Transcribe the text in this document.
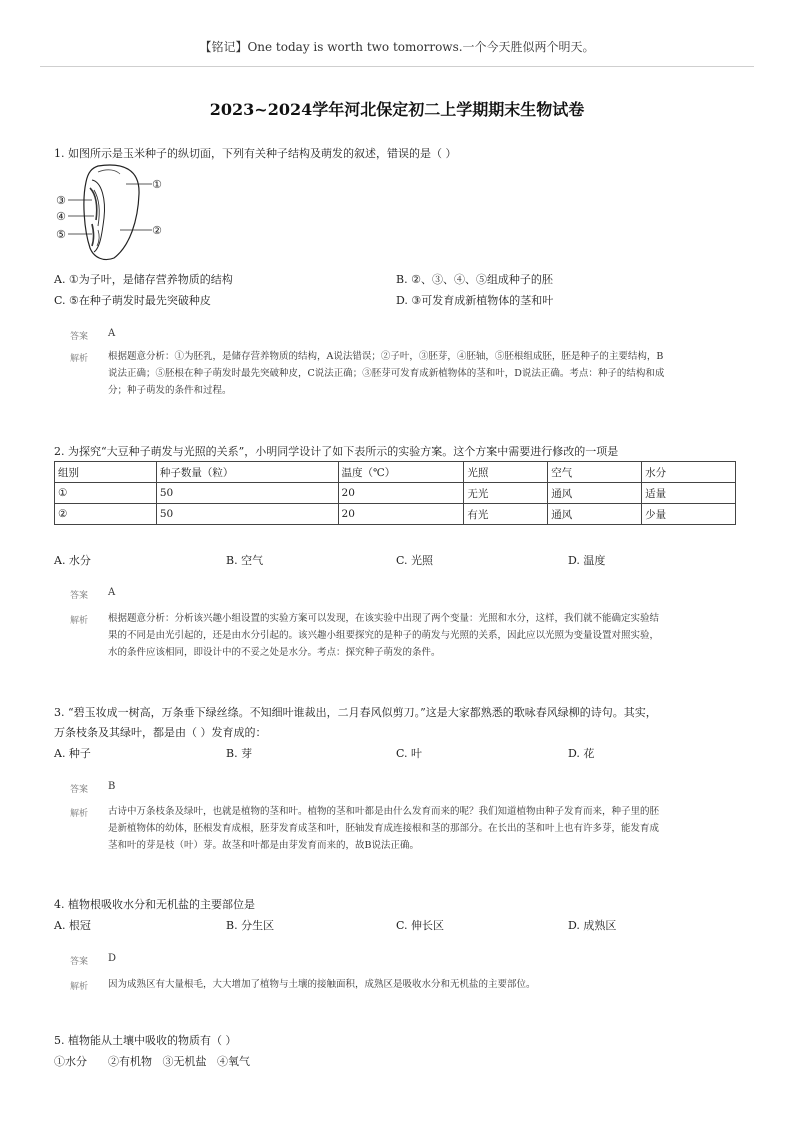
【铭记】One today is worth two tomorrows.一个今天胜似两个明天。
2023~2024学年河北保定初二上学期期末生物试卷
1. 如图所示是玉米种子的纵切面，下列有关种子结构及萌发的叙述，错误的是（ ）
①
②
③
④
⑤
A. ①为子叶，是储存营养物质的结构	B. ②、③、④、⑤组成种子的胚
C. ⑤在种子萌发时最先突破种皮	D. ③可发育成新植物体的茎和叶
答案 A
解析 根据题意分析：①为胚乳，是储存营养物质的结构，A说法错误；②子叶，③胚芽，④胚轴，⑤胚根组成胚，胚是种子的主要结构，B
说法正确；⑤胚根在种子萌发时最先突破种皮，C说法正确；③胚芽可发育成新植物体的茎和叶，D说法正确。考点：种子的结构和成
分；种子萌发的条件和过程。
2. 为探究“大豆种子萌发与光照的关系”，小明同学设计了如下表所示的实验方案。这个方案中需要进行修改的一项是
组别	种子数量（粒）	温度（℃）	光照	空气	水分
①	50	20	无光	通风	适量
②	50	20	有光	通风	少量
A. 水分	B. 空气	C. 光照	D. 温度
答案 A
解析 根据题意分析：分析该兴趣小组设置的实验方案可以发现，在该实验中出现了两个变量：光照和水分，这样，我们就不能确定实验结
果的不同是由光引起的，还是由水分引起的。该兴趣小组要探究的是种子的萌发与光照的关系，因此应以光照为变量设置对照实验，
水的条件应该相同，即设计中的不妥之处是水分。考点：探究种子萌发的条件。
3. “碧玉妆成一树高，万条垂下绿丝绦。不知细叶谁裁出，二月春风似剪刀。”这是大家都熟悉的歌咏春风绿柳的诗句。其实，
万条枝条及其绿叶，都是由（ ）发育成的：
A. 种子	B. 芽	C. 叶	D. 花
答案 B
解析 古诗中万条枝条及绿叶，也就是植物的茎和叶。植物的茎和叶都是由什么发育而来的呢？我们知道植物由种子发育而来，种子里的胚
是新植物体的幼体，胚根发育成根，胚芽发育成茎和叶，胚轴发育成连接根和茎的那部分。在长出的茎和叶上也有许多芽，能发育成
茎和叶的芽是枝（叶）芽。故茎和叶都是由芽发育而来的，故B说法正确。
4. 植物根吸收水分和无机盐的主要部位是
A. 根冠	B. 分生区	C. 伸长区	D. 成熟区
答案 D
解析 因为成熟区有大量根毛，大大增加了植物与土壤的接触面积，成熟区是吸收水分和无机盐的主要部位。
5. 植物能从土壤中吸收的物质有（ ）
①水分      ②有机物   ③无机盐   ④氧气
